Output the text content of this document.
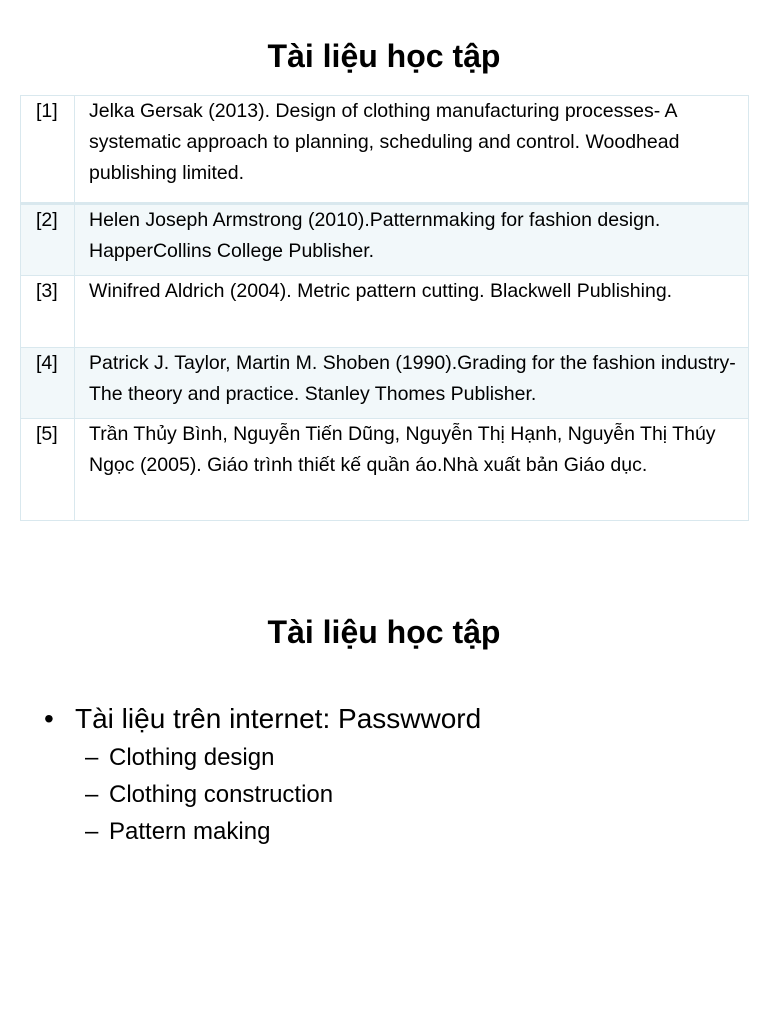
Tài liệu học tập
[1]	Jelka Gersak (2013). Design of clothing manufacturing processes- A systematic approach to planning, scheduling and control. Woodhead publishing limited.
[2]	Helen Joseph Armstrong (2010).Patternmaking for fashion design. HapperCollins College Publisher.
[3]	Winifred Aldrich (2004). Metric pattern cutting. Blackwell Publishing.
[4]	Patrick J. Taylor, Martin M. Shoben (1990).Grading for the fashion industry- The theory and practice. Stanley Thomes Publisher.
[5]	Trần Thủy Bình, Nguyễn Tiến Dũng, Nguyễn Thị Hạnh, Nguyễn Thị Thúy Ngọc (2005). Giáo trình thiết kế quần áo.Nhà xuất bản Giáo dục.
Tài liệu học tập
• Tài liệu trên internet: Passwword
– Clothing design
– Clothing construction
– Pattern making
